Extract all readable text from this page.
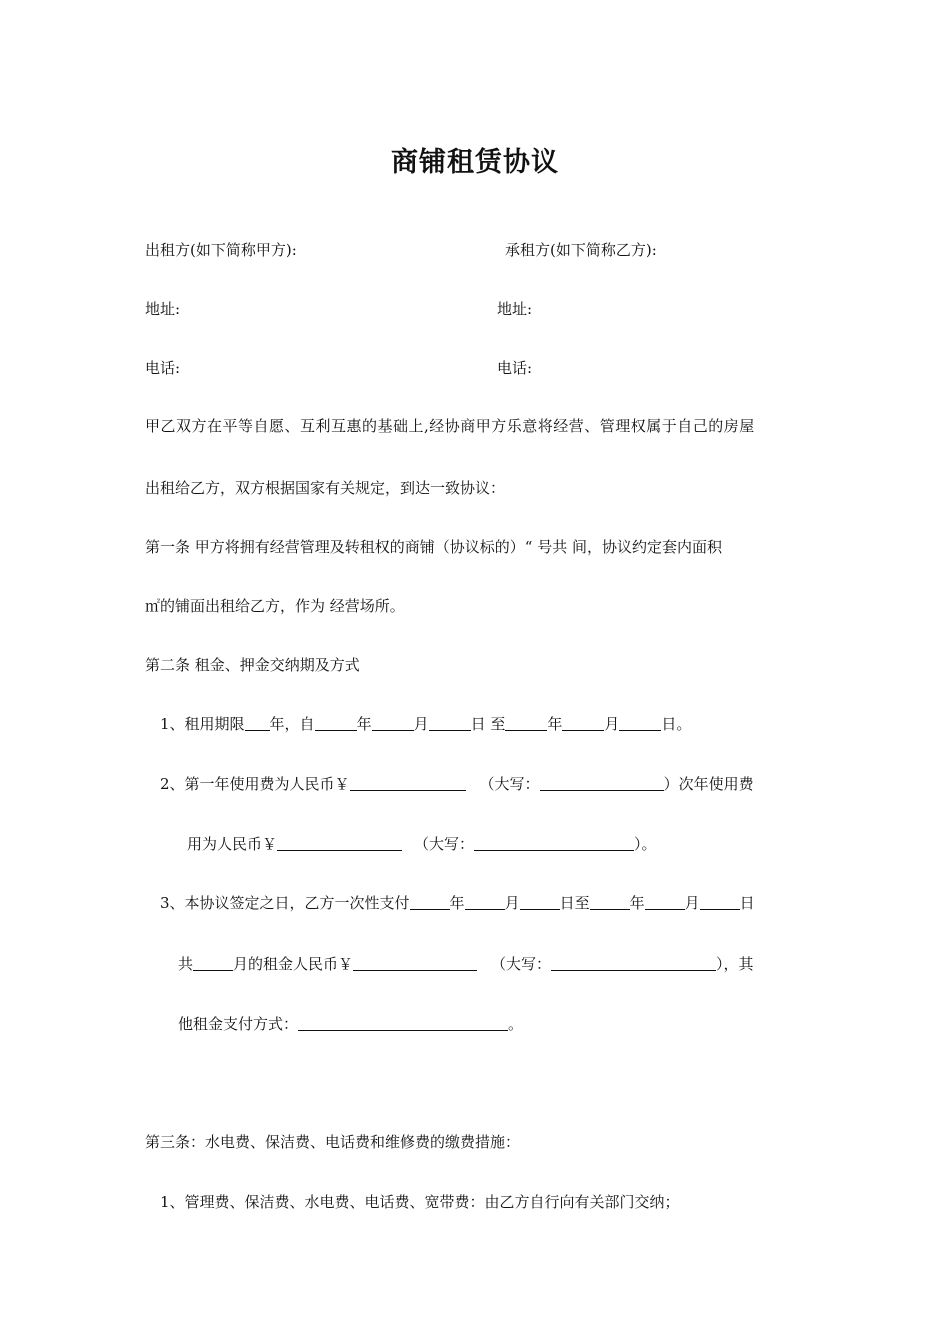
商铺租赁协议
出租方(如下简称甲方):	承租方(如下简称乙方):
地址:	地址:
电话:	电话:
甲乙双方在平等自愿、互利互惠的基础上,经协商甲方乐意将经营、管理权属于自己的房屋
出租给乙方，双方根据国家有关规定，到达一致协议：
第一条 甲方将拥有经营管理及转租权的商铺（协议标的）“ 号共 间，协议约定套内面积
㎡的铺面出租给乙方，作为 经营场所。
第二条 租金、押金交纳期及方式
1、租用期限 年，自	年	月	日 至	年	月	日。
2、第一年使用费为人民币￥	（大写：	）次年使用费
用为人民币￥	（大写：	）。
3、本协议签定之日，乙方一次性支付	年	月	日至	年	月	日
共	月的租金人民币￥	（大写：	），其
他租金支付方式：	。
第三条：水电费、保洁费、电话费和维修费的缴费措施：
1、管理费、保洁费、水电费、电话费、宽带费：由乙方自行向有关部门交纳；
